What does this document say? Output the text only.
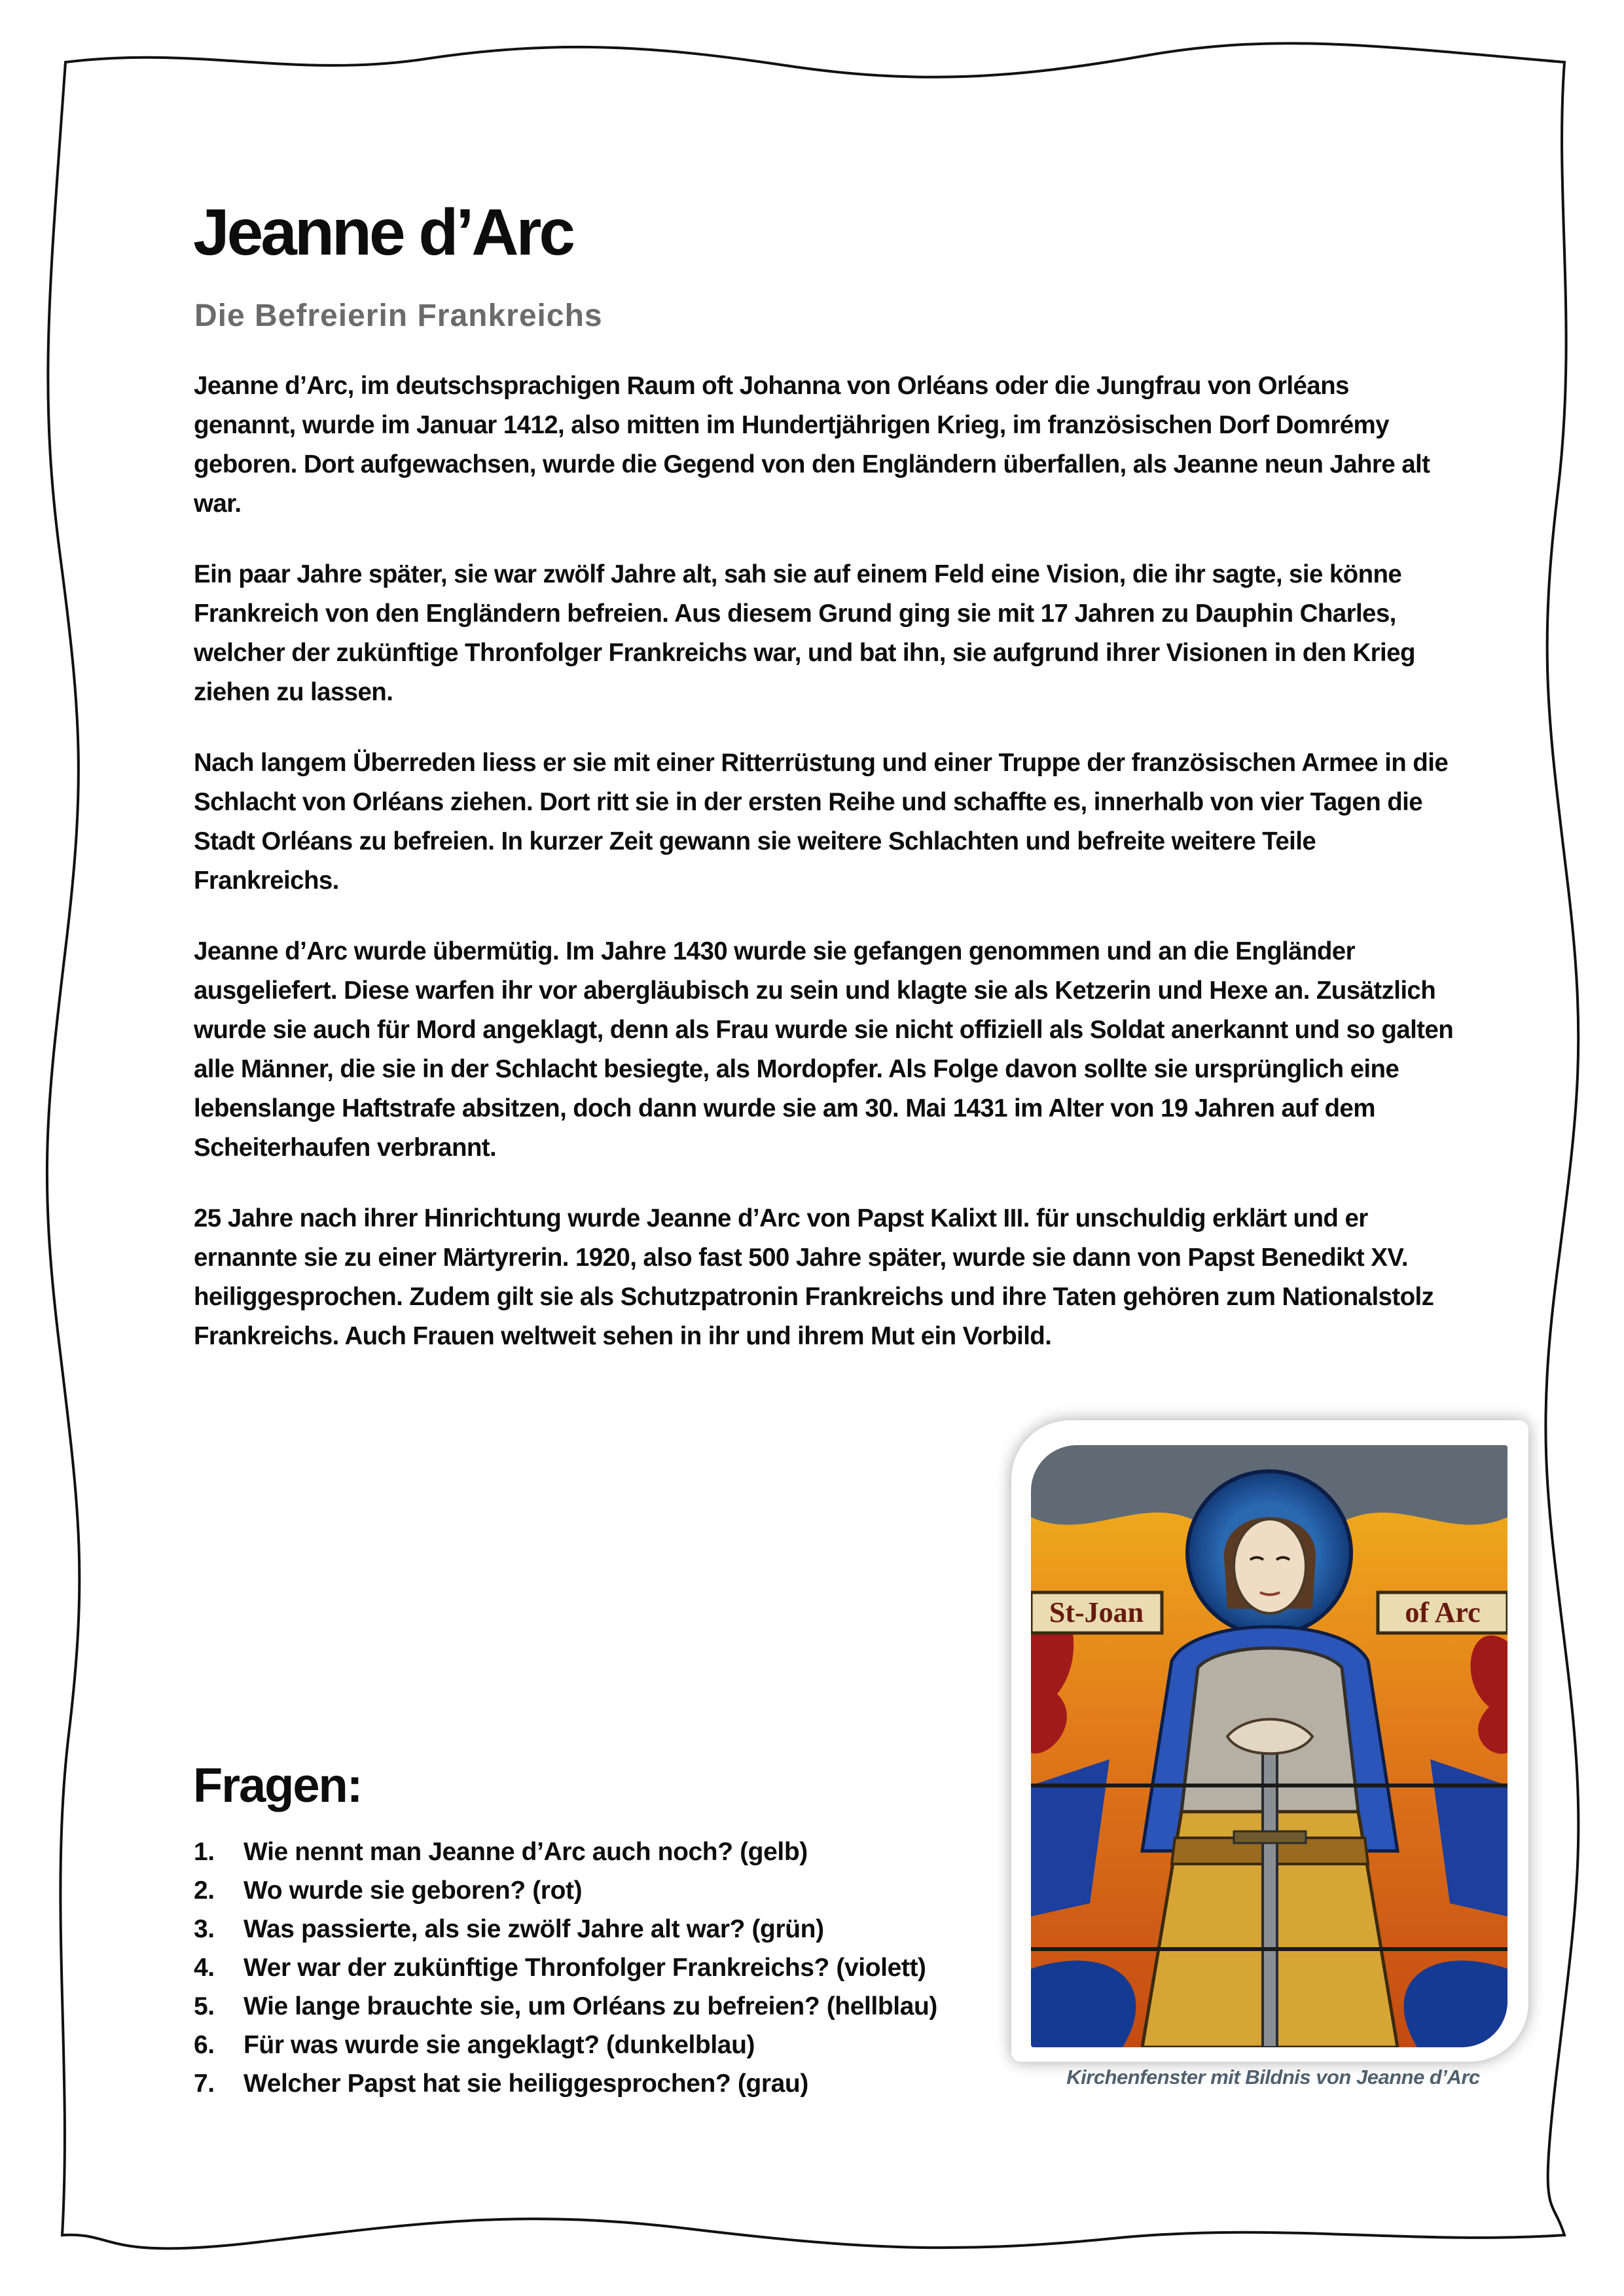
Jeanne d’Arc
Die Befreierin Frankreichs

Jeanne d’Arc, im deutschsprachigen Raum oft Johanna von Orléans oder die Jungfrau von Orléans genannt, wurde im Januar 1412, also mitten im Hundertjährigen Krieg, im französischen Dorf Domrémy geboren. Dort aufgewachsen, wurde die Gegend von den Engländern überfallen, als Jeanne neun Jahre alt war.

Ein paar Jahre später, sie war zwölf Jahre alt, sah sie auf einem Feld eine Vision, die ihr sagte, sie könne Frankreich von den Engländern befreien. Aus diesem Grund ging sie mit 17 Jahren zu Dauphin Charles, welcher der zukünftige Thronfolger Frankreichs war, und bat ihn, sie aufgrund ihrer Visionen in den Krieg ziehen zu lassen.

Nach langem Überreden liess er sie mit einer Ritterrüstung und einer Truppe der französischen Armee in die Schlacht von Orléans ziehen. Dort ritt sie in der ersten Reihe und schaffte es, innerhalb von vier Tagen die Stadt Orléans zu befreien. In kurzer Zeit gewann sie weitere Schlachten und befreite weitere Teile Frankreichs.

Jeanne d’Arc wurde übermütig. Im Jahre 1430 wurde sie gefangen genommen und an die Engländer ausgeliefert. Diese warfen ihr vor abergläubisch zu sein und klagte sie als Ketzerin und Hexe an. Zusätzlich wurde sie auch für Mord angeklagt, denn als Frau wurde sie nicht offiziell als Soldat anerkannt und so galten alle Männer, die sie in der Schlacht besiegte, als Mordopfer. Als Folge davon sollte sie ursprünglich eine lebenslange Haftstrafe absitzen, doch dann wurde sie am 30. Mai 1431 im Alter von 19 Jahren auf dem Scheiterhaufen verbrannt.

25 Jahre nach ihrer Hinrichtung wurde Jeanne d’Arc von Papst Kalixt III. für unschuldig erklärt und er ernannte sie zu einer Märtyrerin. 1920, also fast 500 Jahre später, wurde sie dann von Papst Benedikt XV. heiliggesprochen. Zudem gilt sie als Schutzpatronin Frankreichs und ihre Taten gehören zum Nationalstolz Frankreichs. Auch Frauen weltweit sehen in ihr und ihrem Mut ein Vorbild.

Fragen:
1.	Wie nennt man Jeanne d’Arc auch noch? (gelb)
2.	Wo wurde sie geboren? (rot)
3.	Was passierte, als sie zwölf Jahre alt war? (grün)
4.	Wer war der zukünftige Thronfolger Frankreichs? (violett)
5.	Wie lange brauchte sie, um Orléans zu befreien? (hellblau)
6.	Für was wurde sie angeklagt? (dunkelblau)
7.	Welcher Papst hat sie heiliggesprochen? (grau)
St-Joan	of Arc
Kirchenfenster mit Bildnis von Jeanne d’Arc
